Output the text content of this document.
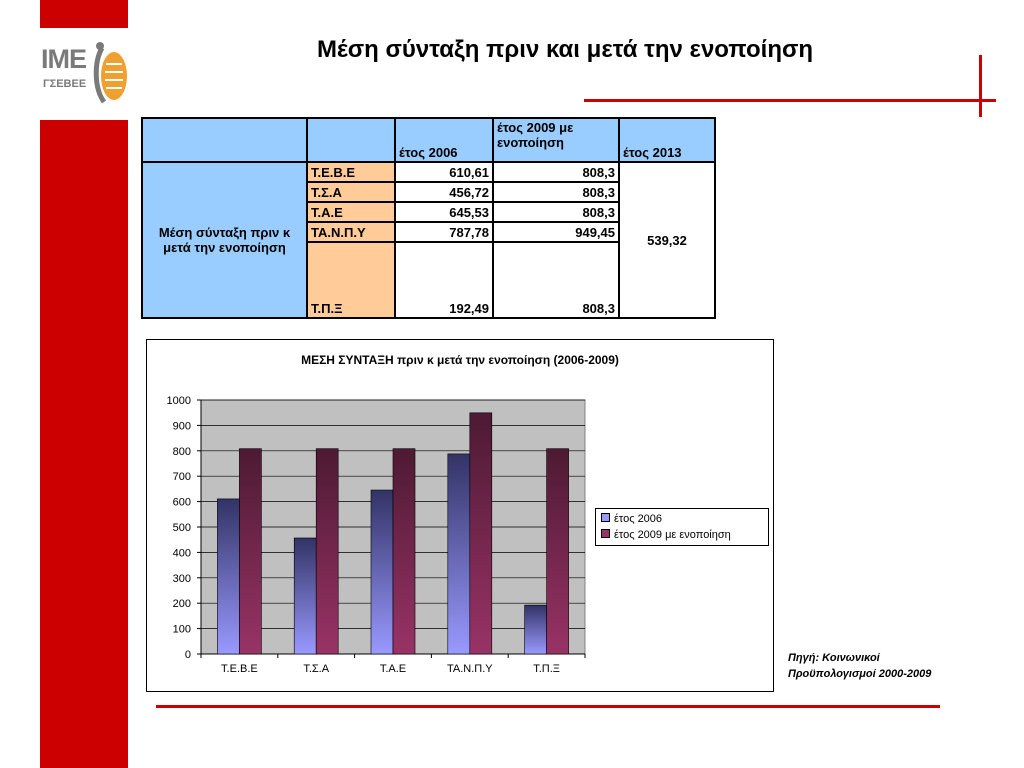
ΙΜΕ
ΓΣΕΒΕΕ
Μέση σύνταξη πριν και μετά την ενοποίηση
		έτος 2006	έτος 2009 με ενοποίηση	έτος 2013
Μέση σύνταξη πριν κ μετά την ενοποίηση	Τ.Ε.Β.Ε	610,61	808,3	539,32
	Τ.Σ.Α	456,72	808,3	
	Τ.Α.Ε	645,53	808,3	
	ΤΑ.Ν.Π.Υ	787,78	949,45	
	Τ.Π.Ξ	192,49	808,3	
ΜΕΣΗ ΣΥΝΤΑΞΗ πριν κ μετά την ενοποίηση (2006-2009)
0
100
200
300
400
500
600
700
800
900
1000
Τ.Ε.Β.Ε	Τ.Σ.Α	Τ.Α.Ε	ΤΑ.Ν.Π.Υ	Τ.Π.Ξ
έτος 2006
έτος 2009 με ενοποίηση
Πηγή: Κοινωνικοί
Προϋπολογισμοί 2000-2009
